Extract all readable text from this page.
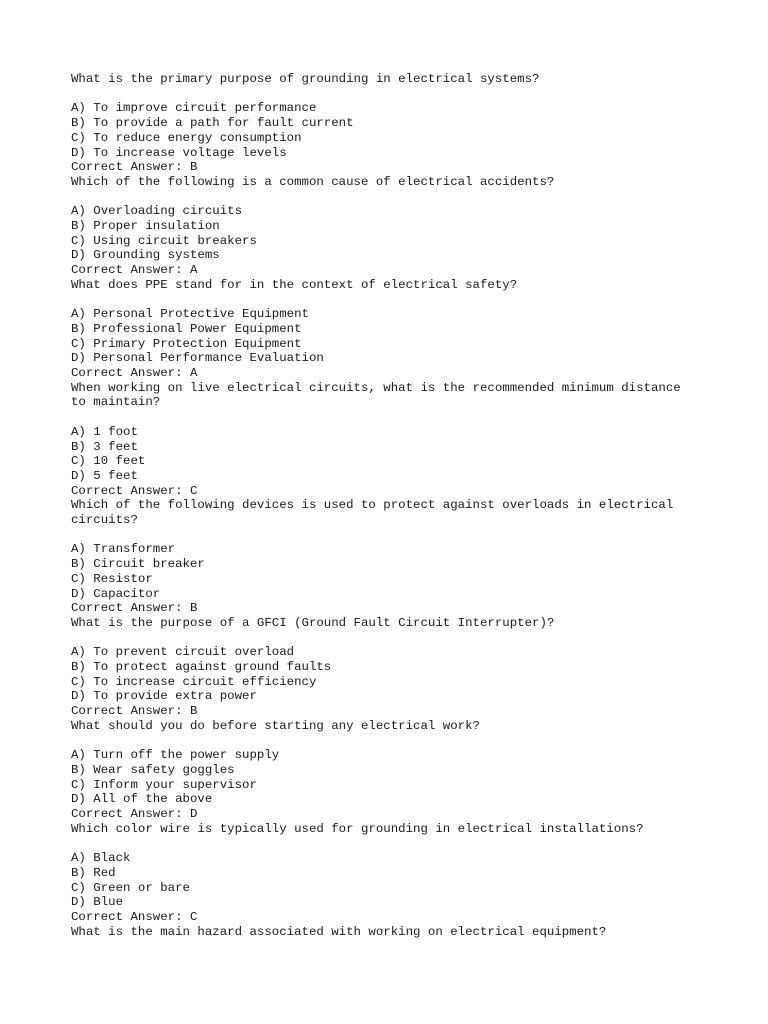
What is the primary purpose of grounding in electrical systems?
A) To improve circuit performance
B) To provide a path for fault current
C) To reduce energy consumption
D) To increase voltage levels
Correct Answer: B
Which of the following is a common cause of electrical accidents?
A) Overloading circuits
B) Proper insulation
C) Using circuit breakers
D) Grounding systems
Correct Answer: A
What does PPE stand for in the context of electrical safety?
A) Personal Protective Equipment
B) Professional Power Equipment
C) Primary Protection Equipment
D) Personal Performance Evaluation
Correct Answer: A
When working on live electrical circuits, what is the recommended minimum distance
to maintain?
A) 1 foot
B) 3 feet
C) 10 feet
D) 5 feet
Correct Answer: C
Which of the following devices is used to protect against overloads in electrical
circuits?
A) Transformer
B) Circuit breaker
C) Resistor
D) Capacitor
Correct Answer: B
What is the purpose of a GFCI (Ground Fault Circuit Interrupter)?
A) To prevent circuit overload
B) To protect against ground faults
C) To increase circuit efficiency
D) To provide extra power
Correct Answer: B
What should you do before starting any electrical work?
A) Turn off the power supply
B) Wear safety goggles
C) Inform your supervisor
D) All of the above
Correct Answer: D
Which color wire is typically used for grounding in electrical installations?
A) Black
B) Red
C) Green or bare
D) Blue
Correct Answer: C
What is the main hazard associated with working on electrical equipment?
